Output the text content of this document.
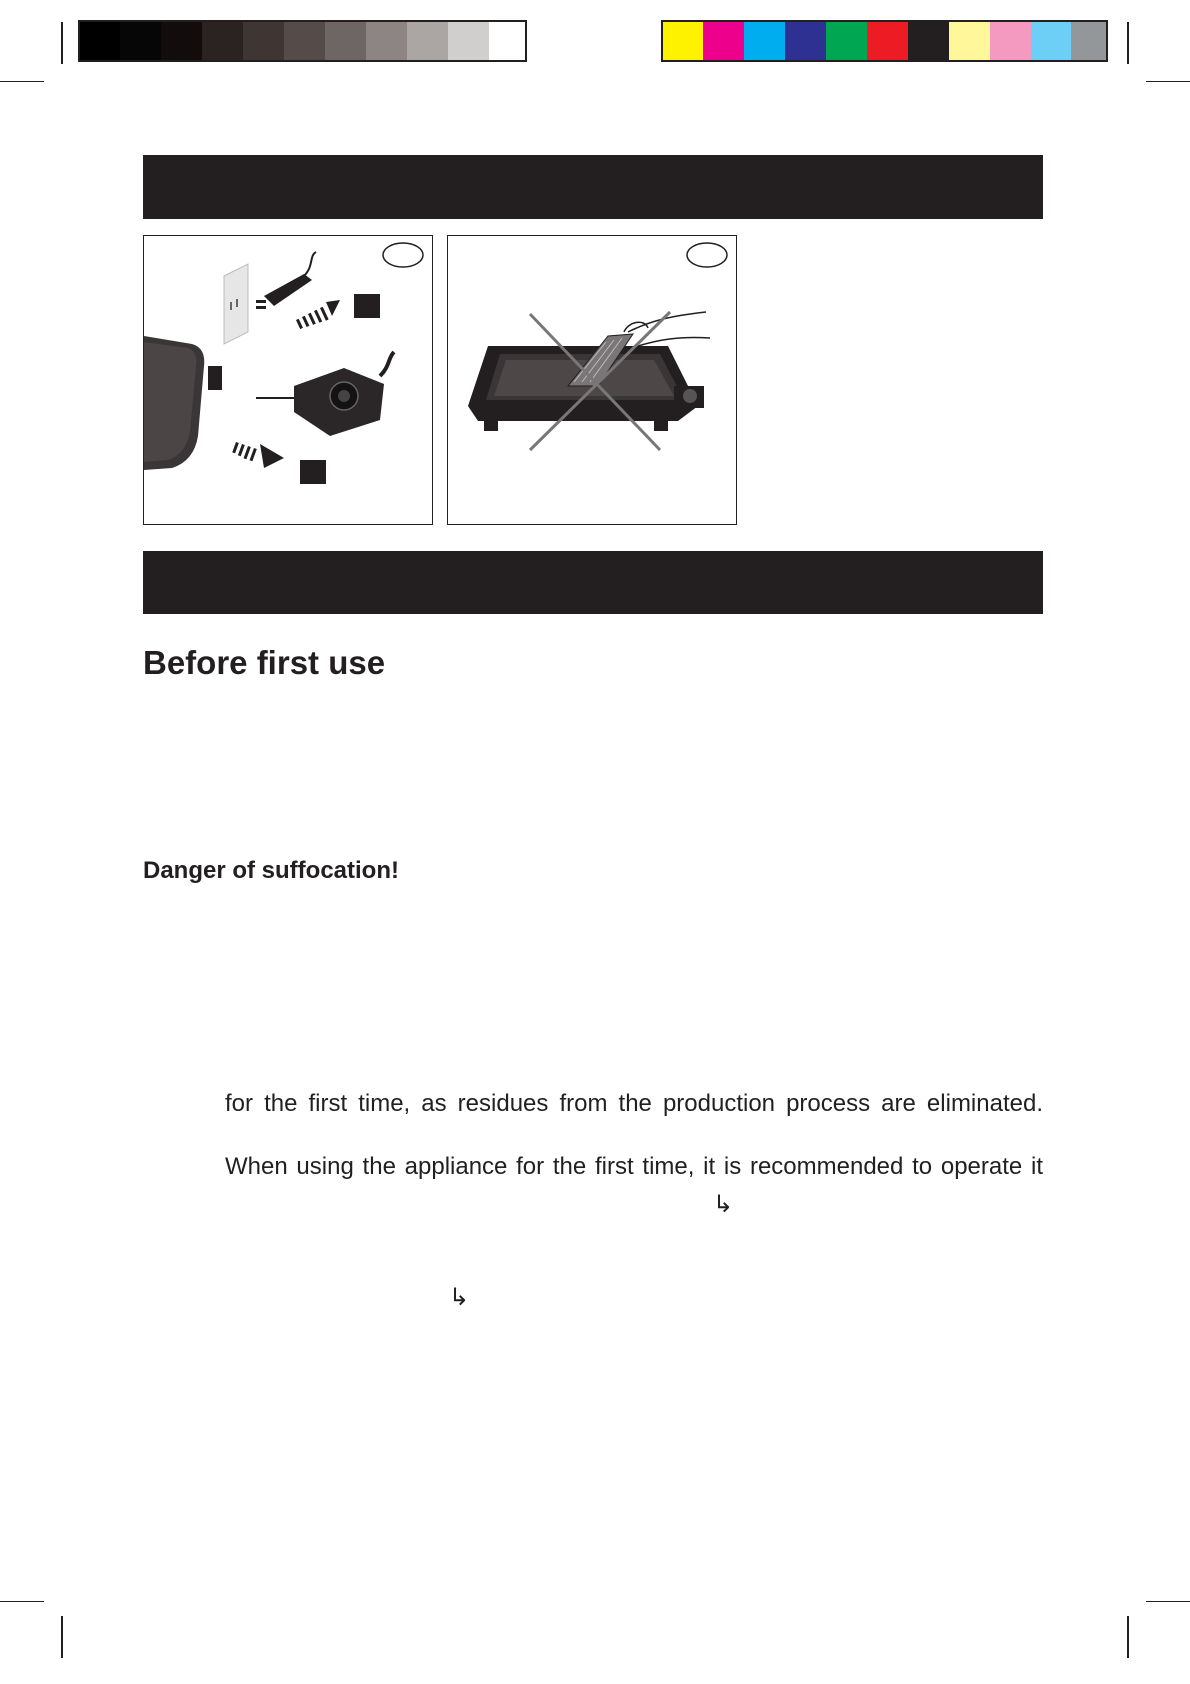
Before first use
Danger of suffocation!
for the first time, as residues from the production process are eliminated.
When using the appliance for the first time, it is recommended to operate it
↳
↳
